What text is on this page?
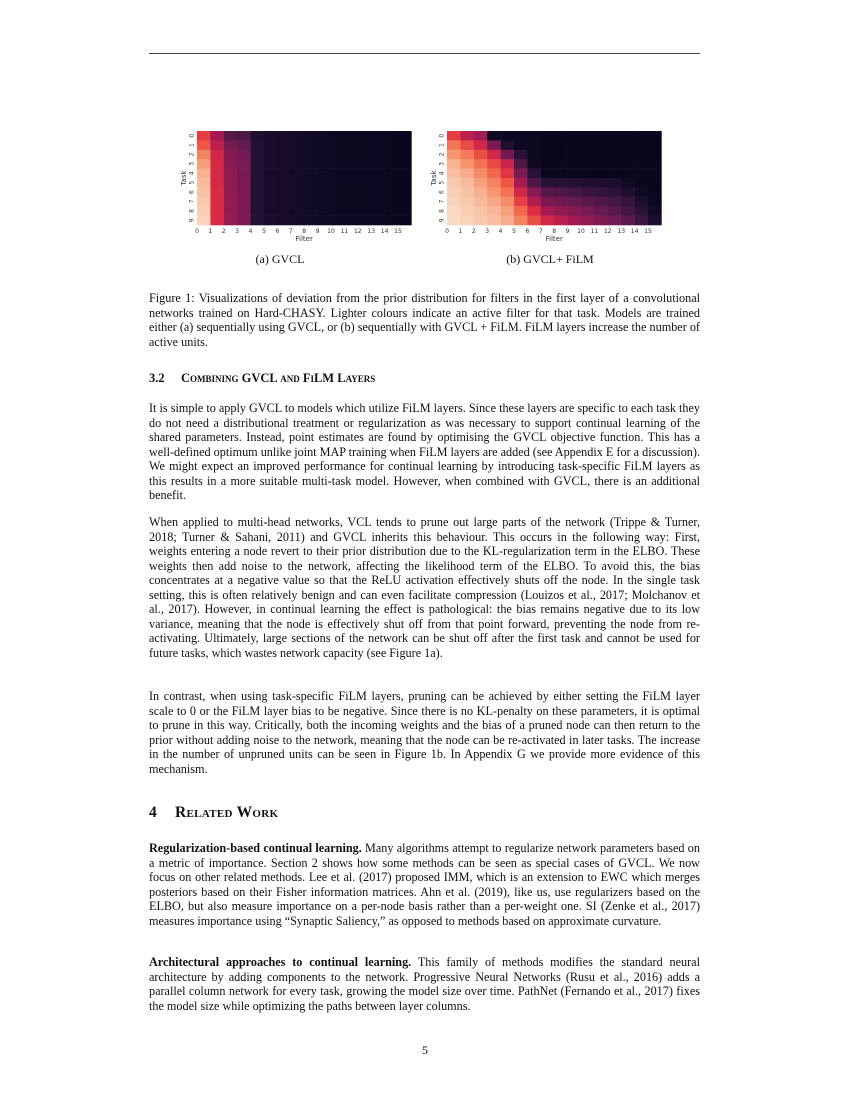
0 1 2 3 4 5 6 7 8 9 10 11 12 13 14 15
0
1
2
3
4
5
6
7
8
9
Filter
Task
(a) GVCL
0 1 2 3 4 5 6 7 8 9 10 11 12 13 14 15
0
1
2
3
4
5
6
7
8
9
Filter
Task
(b) GVCL+ FiLM

Figure 1: Visualizations of deviation from the prior distribution for filters in the first layer of a convolutional networks trained on Hard-CHASY. Lighter colours indicate an active filter for that task. Models are trained either (a) sequentially using GVCL, or (b) sequentially with GVCL + FiLM. FiLM layers increase the number of active units.

3.2 Combining GVCL and FiLM Layers

It is simple to apply GVCL to models which utilize FiLM layers. Since these layers are specific to each task they do not need a distributional treatment or regularization as was necessary to support continual learning of the shared parameters. Instead, point estimates are found by optimising the GVCL objective function. This has a well-defined optimum unlike joint MAP training when FiLM layers are added (see Appendix E for a discussion). We might expect an improved performance for continual learning by introducing task-specific FiLM layers as this results in a more suitable multi-task model. However, when combined with GVCL, there is an additional benefit.

When applied to multi-head networks, VCL tends to prune out large parts of the network (Trippe & Turner, 2018; Turner & Sahani, 2011) and GVCL inherits this behaviour. This occurs in the following way: First, weights entering a node revert to their prior distribution due to the KL-regularization term in the ELBO. These weights then add noise to the network, affecting the likelihood term of the ELBO. To avoid this, the bias concentrates at a negative value so that the ReLU activation effectively shuts off the node. In the single task setting, this is often relatively benign and can even facilitate compression (Louizos et al., 2017; Molchanov et al., 2017). However, in continual learning the effect is pathological: the bias remains negative due to its low variance, meaning that the node is effectively shut off from that point forward, preventing the node from re-activating. Ultimately, large sections of the network can be shut off after the first task and cannot be used for future tasks, which wastes network capacity (see Figure 1a).

In contrast, when using task-specific FiLM layers, pruning can be achieved by either setting the FiLM layer scale to 0 or the FiLM layer bias to be negative. Since there is no KL-penalty on these parameters, it is optimal to prune in this way. Critically, both the incoming weights and the bias of a pruned node can then return to the prior without adding noise to the network, meaning that the node can be re-activated in later tasks. The increase in the number of unpruned units can be seen in Figure 1b. In Appendix G we provide more evidence of this mechanism.

4 Related Work

Regularization-based continual learning. Many algorithms attempt to regularize network parameters based on a metric of importance. Section 2 shows how some methods can be seen as special cases of GVCL. We now focus on other related methods. Lee et al. (2017) proposed IMM, which is an extension to EWC which merges posteriors based on their Fisher information matrices. Ahn et al. (2019), like us, use regularizers based on the ELBO, but also measure importance on a per-node basis rather than a per-weight one. SI (Zenke et al., 2017) measures importance using “Synaptic Saliency,” as opposed to methods based on approximate curvature.

Architectural approaches to continual learning. This family of methods modifies the standard neural architecture by adding components to the network. Progressive Neural Networks (Rusu et al., 2016) adds a parallel column network for every task, growing the model size over time. PathNet (Fernando et al., 2017) fixes the model size while optimizing the paths between layer columns.

5
